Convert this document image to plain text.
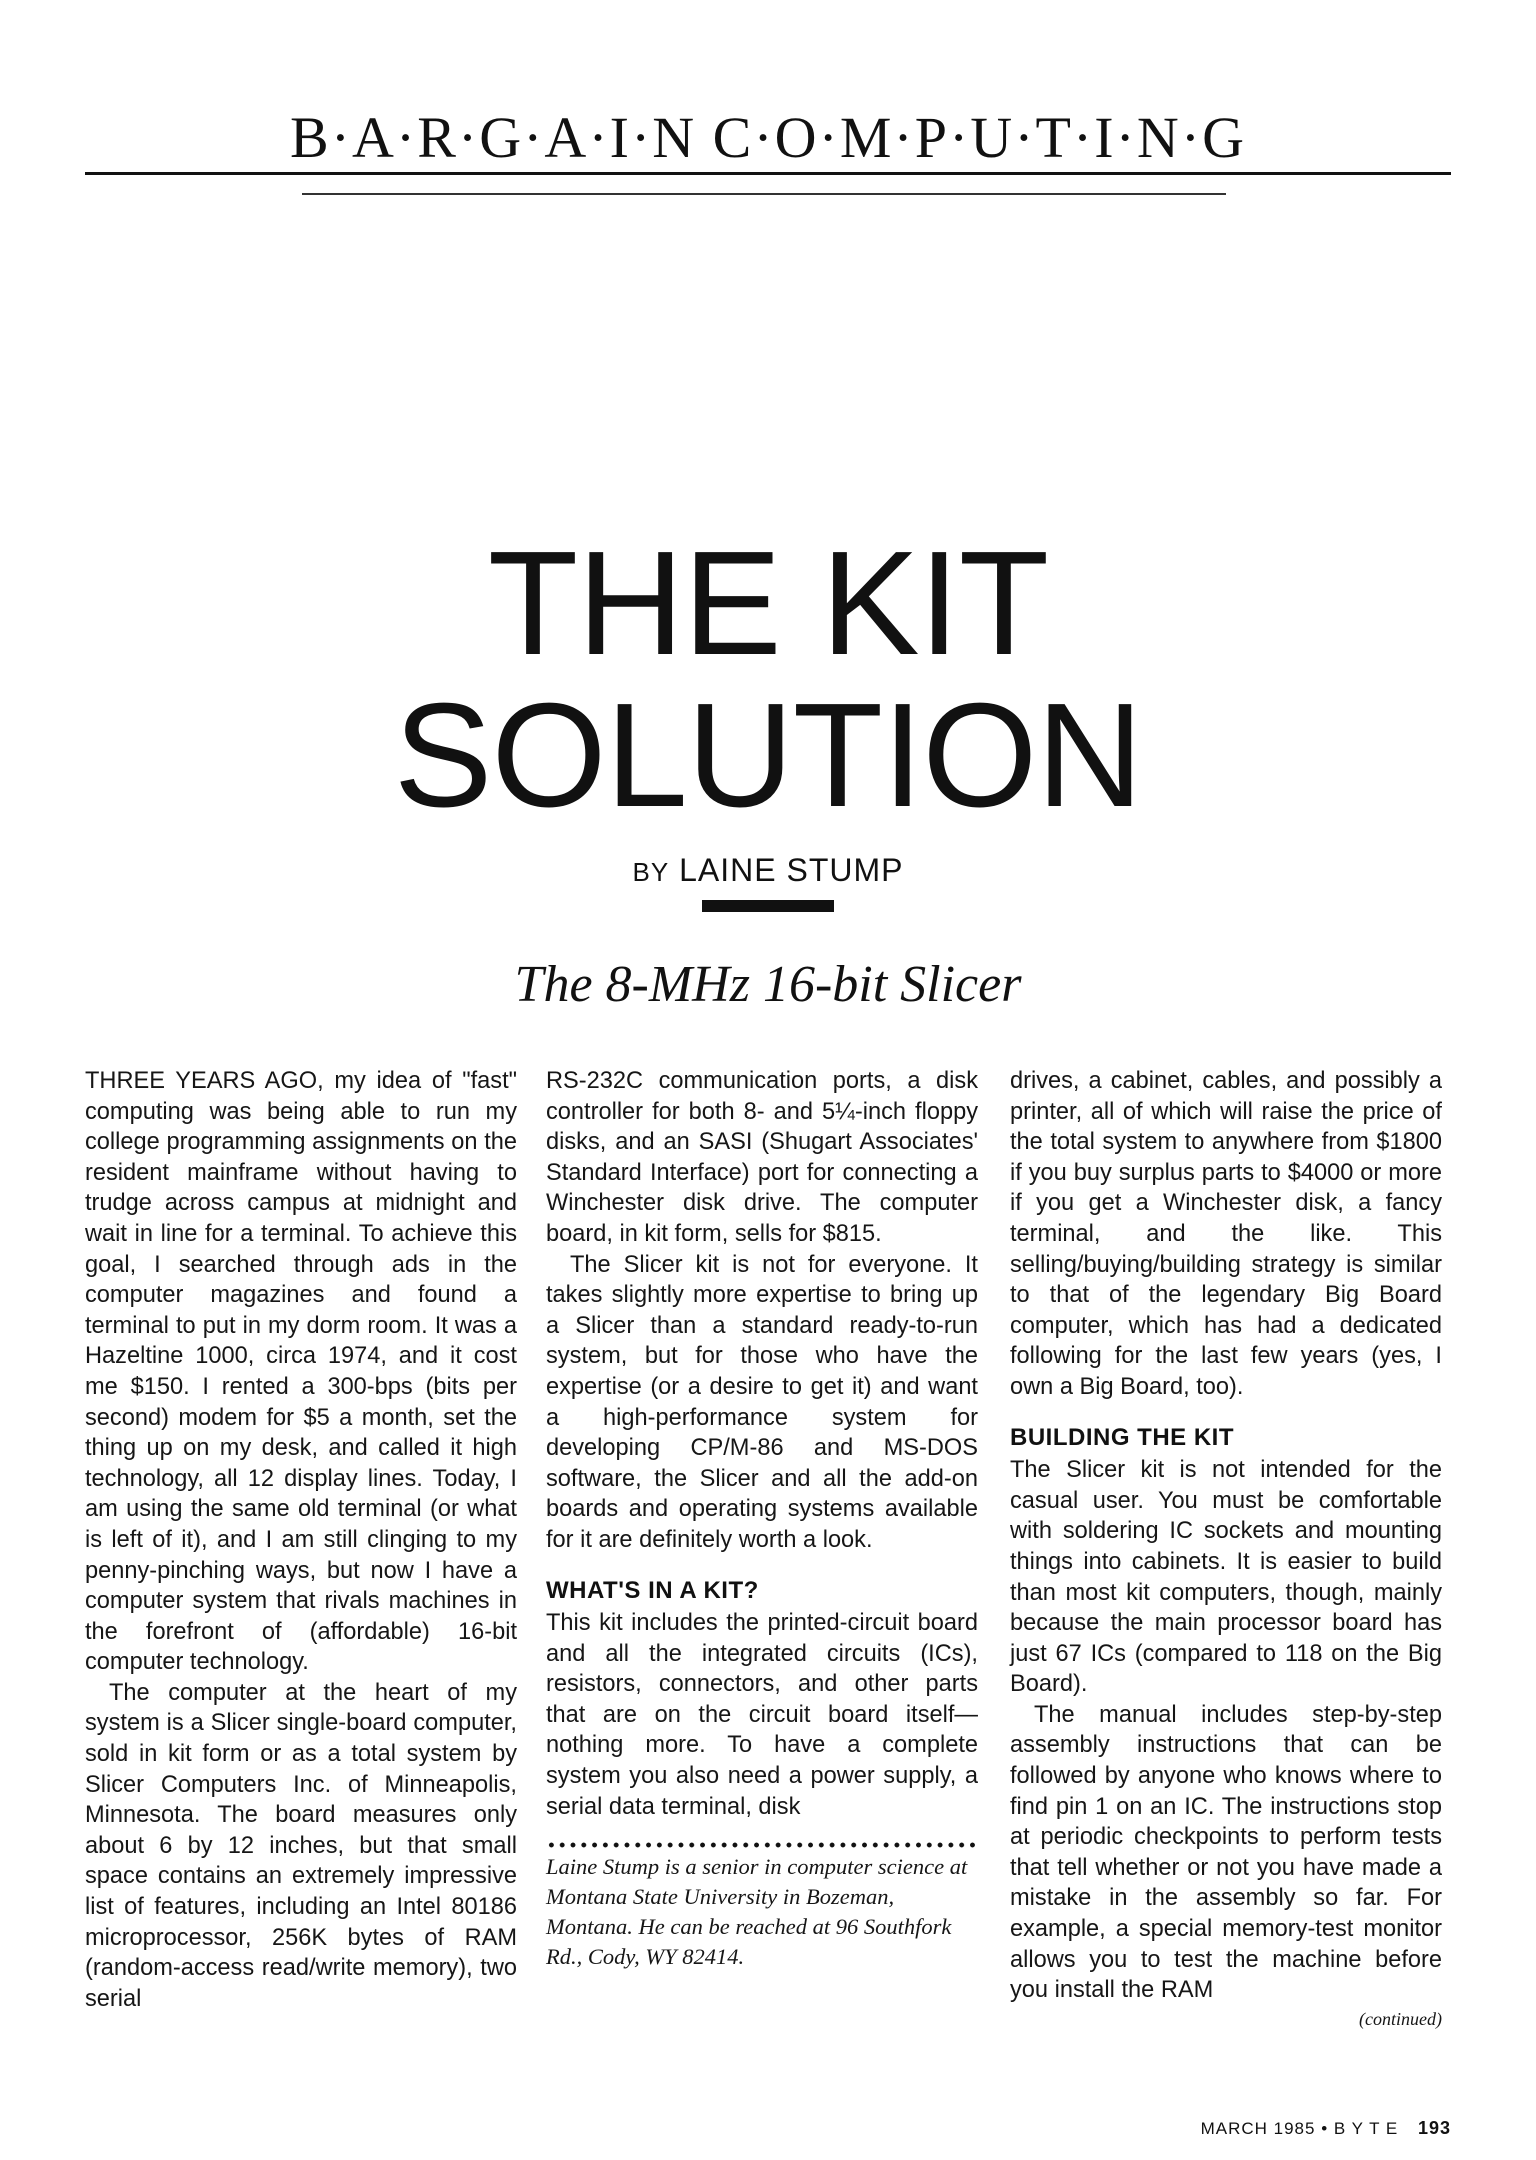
B·A·R·G·A·I·N C·O·M·P·U·T·I·N·G
THE KIT
SOLUTION
BY LAINE STUMP
The 8-MHz 16-bit Slicer

THREE YEARS AGO, my idea of "fast" computing was being able to run my college programming assignments on the resident mainframe without having to trudge across campus at midnight and wait in line for a terminal. To achieve this goal, I searched through ads in the computer magazines and found a terminal to put in my dorm room. It was a Hazeltine 1000, circa 1974, and it cost me $150. I rented a 300-bps (bits per second) modem for $5 a month, set the thing up on my desk, and called it high technology, all 12 display lines. Today, I am using the same old terminal (or what is left of it), and I am still clinging to my penny-pinching ways, but now I have a computer system that rivals machines in the forefront of (affordable) 16-bit computer technology.

The computer at the heart of my system is a Slicer single-board computer, sold in kit form or as a total system by Slicer Computers Inc. of Minneapolis, Minnesota. The board measures only about 6 by 12 inches, but that small space contains an extremely impressive list of features, including an Intel 80186 microprocessor, 256K bytes of RAM (random-access read/write memory), two serial

RS-232C communication ports, a disk controller for both 8- and 5¼-inch floppy disks, and an SASI (Shugart Associates' Standard Interface) port for connecting a Winchester disk drive. The computer board, in kit form, sells for $815.

The Slicer kit is not for everyone. It takes slightly more expertise to bring up a Slicer than a standard ready-to-run system, but for those who have the expertise (or a desire to get it) and want a high-performance system for developing CP/M-86 and MS-DOS software, the Slicer and all the add-on boards and operating systems available for it are definitely worth a look.

WHAT'S IN A KIT?

This kit includes the printed-circuit board and all the integrated circuits (ICs), resistors, connectors, and other parts that are on the circuit board itself—nothing more. To have a complete system you also need a power supply, a serial data terminal, disk

Laine Stump is a senior in computer science at Montana State University in Bozeman, Montana. He can be reached at 96 Southfork Rd., Cody, WY 82414.

drives, a cabinet, cables, and possibly a printer, all of which will raise the price of the total system to anywhere from $1800 if you buy surplus parts to $4000 or more if you get a Winchester disk, a fancy terminal, and the like. This selling/buying/building strategy is similar to that of the legendary Big Board computer, which has had a dedicated following for the last few years (yes, I own a Big Board, too).

BUILDING THE KIT

The Slicer kit is not intended for the casual user. You must be comfortable with soldering IC sockets and mounting things into cabinets. It is easier to build than most kit computers, though, mainly because the main processor board has just 67 ICs (compared to 118 on the Big Board).

The manual includes step-by-step assembly instructions that can be followed by anyone who knows where to find pin 1 on an IC. The instructions stop at periodic checkpoints to perform tests that tell whether or not you have made a mistake in the assembly so far. For example, a special memory-test monitor allows you to test the machine before you install the RAM

(continued)
MARCH 1985 • B Y T E 193
